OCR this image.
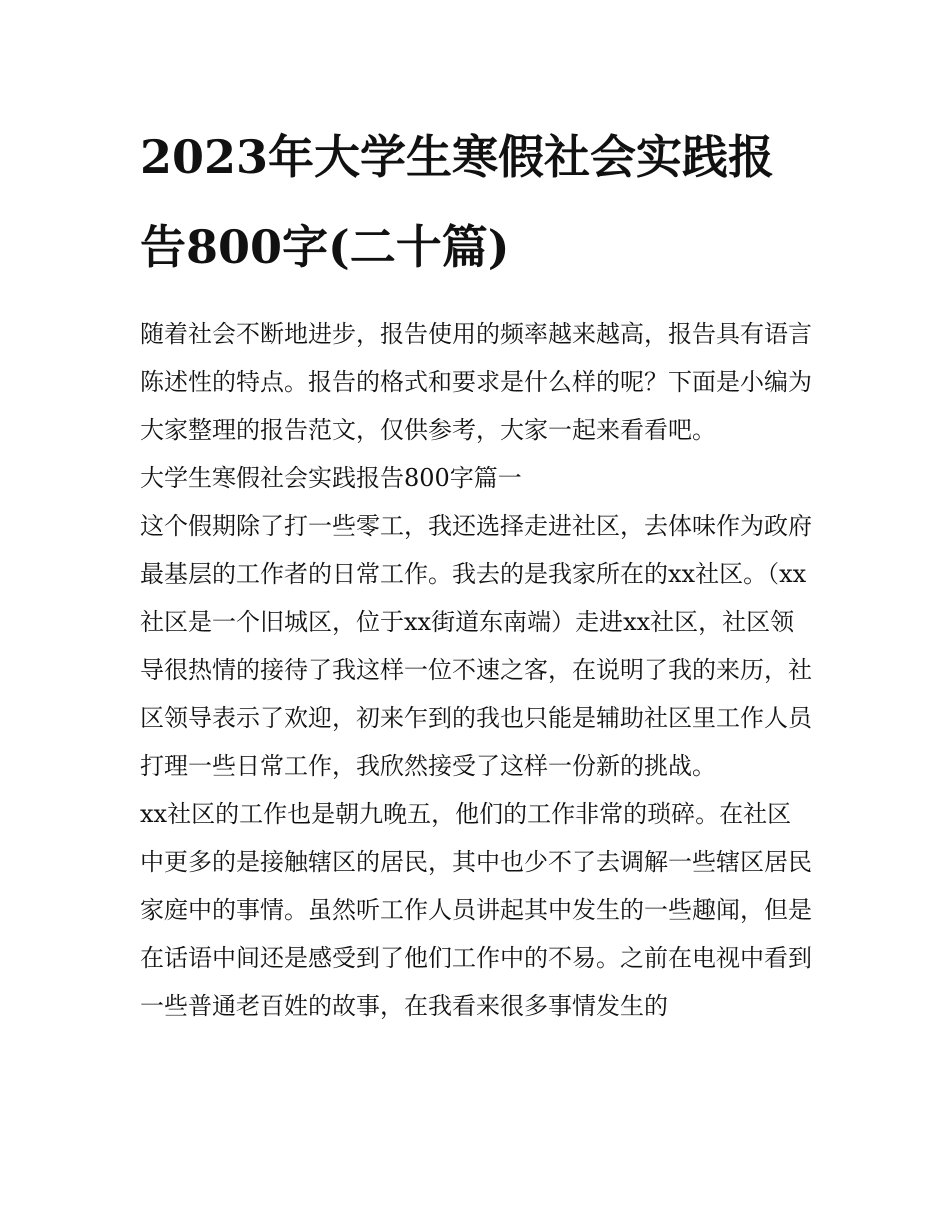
2023年大学生寒假社会实践报告800字(二十篇)

随着社会不断地进步，报告使用的频率越来越高，报告具有语言陈述性的特点。报告的格式和要求是什么样的呢？下面是小编为大家整理的报告范文，仅供参考，大家一起来看看吧。

大学生寒假社会实践报告800字篇一

这个假期除了打一些零工，我还选择走进社区，去体味作为政府最基层的工作者的日常工作。我去的是我家所在的xx社区。（xx社区是一个旧城区，位于xx街道东南端）走进xx社区，社区领导很热情的接待了我这样一位不速之客，在说明了我的来历，社区领导表示了欢迎，初来乍到的我也只能是辅助社区里工作人员打理一些日常工作，我欣然接受了这样一份新的挑战。

xx社区的工作也是朝九晚五，他们的工作非常的琐碎。在社区中更多的是接触辖区的居民，其中也少不了去调解一些辖区居民家庭中的事情。虽然听工作人员讲起其中发生的一些趣闻，但是在话语中间还是感受到了他们工作中的不易。之前在电视中看到一些普通老百姓的故事，在我看来很多事情发生的
